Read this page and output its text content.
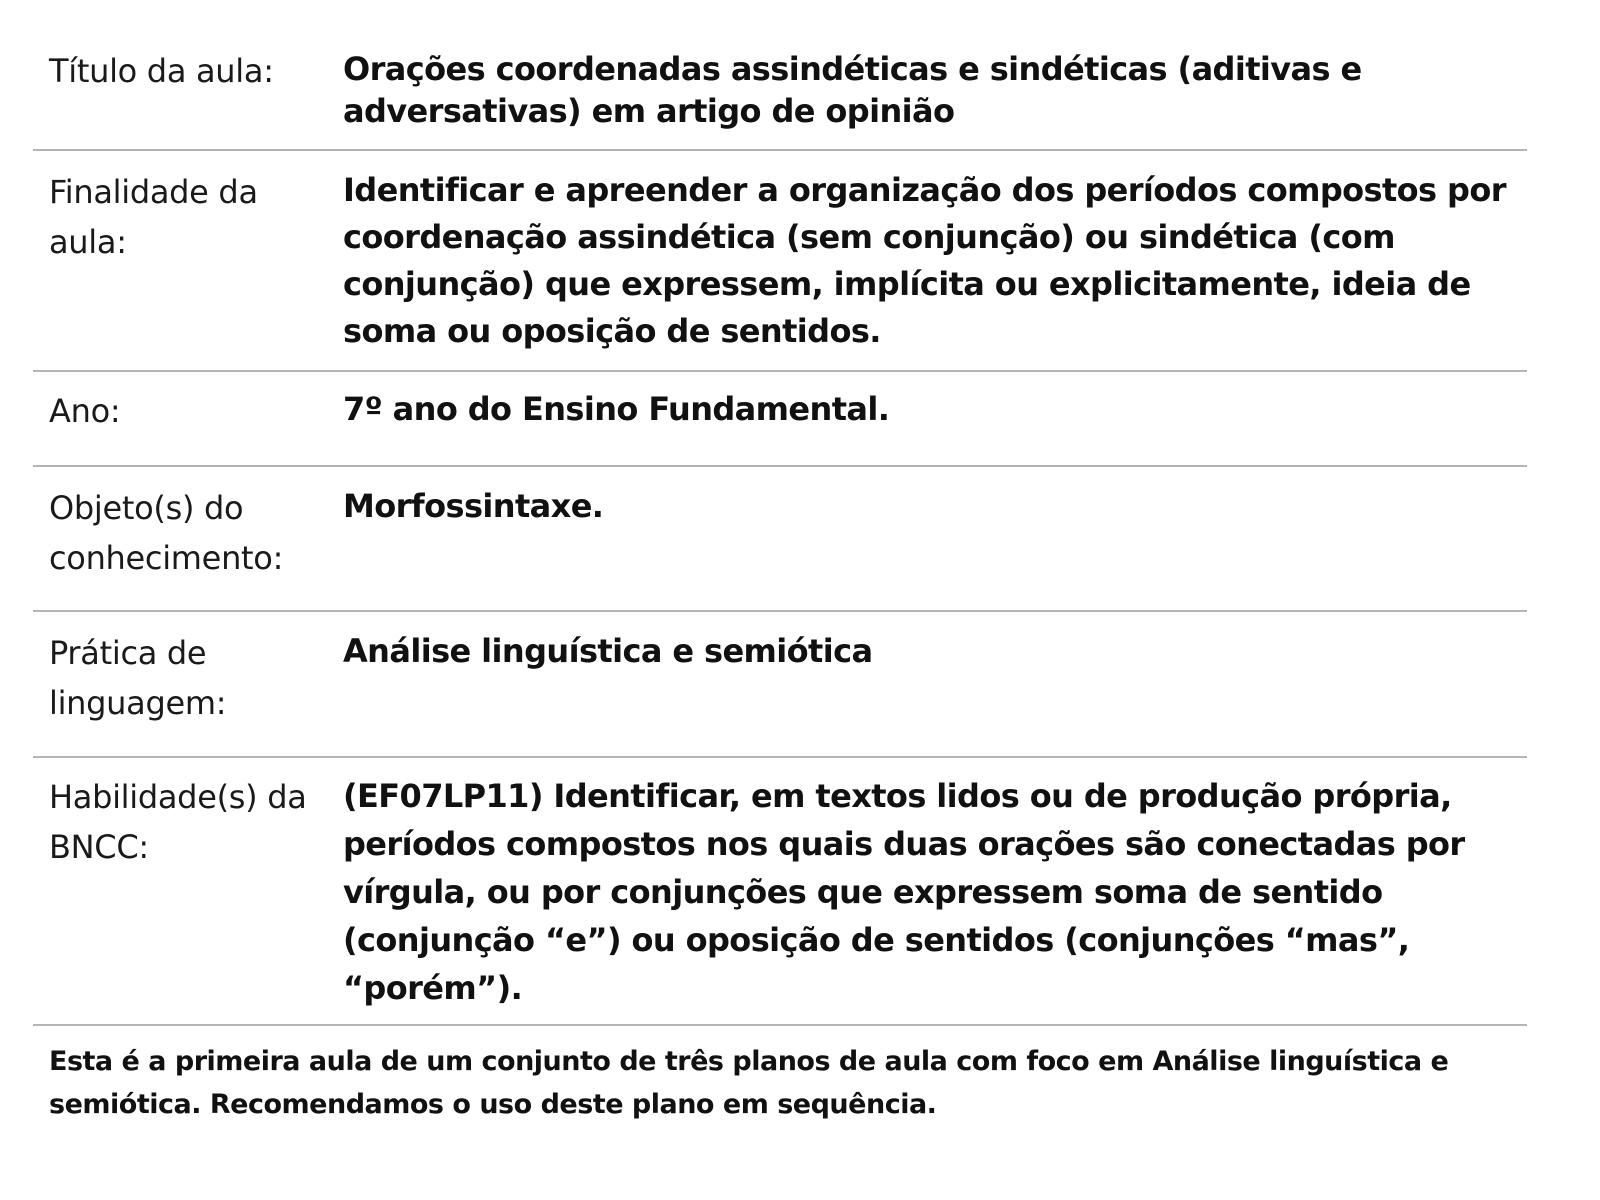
Título da aula:	Orações coordenadas assindéticas e sindéticas (aditivas e adversativas) em artigo de opinião
Finalidade da aula:
Identificar e apreender a organização dos períodos compostos por coordenação assindética (sem conjunção) ou sindética (com conjunção) que expressem, implícita ou explicitamente, ideia de soma ou oposição de sentidos.
Ano:	7º ano do Ensino Fundamental.
Objeto(s) do conhecimento:
Morfossintaxe.
Prática de linguagem:
Análise linguística e semiótica
Habilidade(s) da BNCC:
(EF07LP11) Identificar, em textos lidos ou de produção própria, períodos compostos nos quais duas orações são conectadas por vírgula, ou por conjunções que expressem soma de sentido (conjunção “e”) ou oposição de sentidos (conjunções “mas”, “porém”).
Esta é a primeira aula de um conjunto de três planos de aula com foco em Análise linguística e semiótica. Recomendamos o uso deste plano em sequência.
